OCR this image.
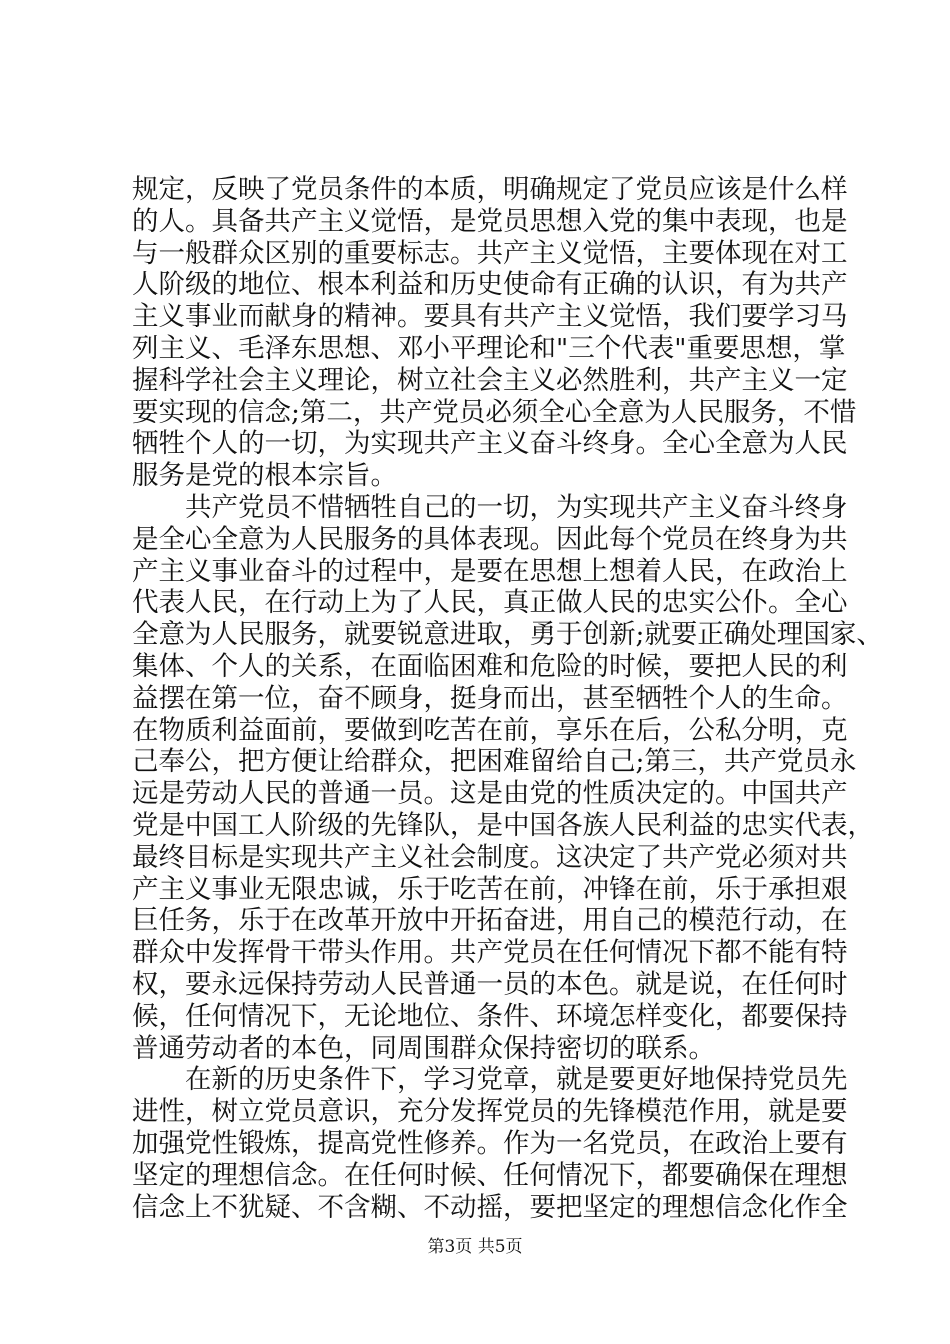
规定，反映了党员条件的本质，明确规定了党员应该是什么样
的人。具备共产主义觉悟，是党员思想入党的集中表现，也是
与一般群众区别的重要标志。共产主义觉悟，主要体现在对工
人阶级的地位、根本利益和历史使命有正确的认识，有为共产
主义事业而献身的精神。要具有共产主义觉悟，我们要学习马
列主义、毛泽东思想、邓小平理论和"三个代表"重要思想，掌
握科学社会主义理论，树立社会主义必然胜利，共产主义一定
要实现的信念;第二，共产党员必须全心全意为人民服务，不惜
牺牲个人的一切，为实现共产主义奋斗终身。全心全意为人民
服务是党的根本宗旨。
　　共产党员不惜牺牲自己的一切，为实现共产主义奋斗终身
是全心全意为人民服务的具体表现。因此每个党员在终身为共
产主义事业奋斗的过程中，是要在思想上想着人民，在政治上
代表人民，在行动上为了人民，真正做人民的忠实公仆。全心
全意为人民服务，就要锐意进取，勇于创新;就要正确处理国家、
集体、个人的关系，在面临困难和危险的时候，要把人民的利
益摆在第一位，奋不顾身，挺身而出，甚至牺牲个人的生命。
在物质利益面前，要做到吃苦在前，享乐在后，公私分明，克
己奉公，把方便让给群众，把困难留给自己;第三，共产党员永
远是劳动人民的普通一员。这是由党的性质决定的。中国共产
党是中国工人阶级的先锋队，是中国各族人民利益的忠实代表，
最终目标是实现共产主义社会制度。这决定了共产党必须对共
产主义事业无限忠诚，乐于吃苦在前，冲锋在前，乐于承担艰
巨任务，乐于在改革开放中开拓奋进，用自己的模范行动，在
群众中发挥骨干带头作用。共产党员在任何情况下都不能有特
权，要永远保持劳动人民普通一员的本色。就是说，在任何时
候，任何情况下，无论地位、条件、环境怎样变化，都要保持
普通劳动者的本色，同周围群众保持密切的联系。
　　在新的历史条件下，学习党章，就是要更好地保持党员先
进性，树立党员意识，充分发挥党员的先锋模范作用，就是要
加强党性锻炼，提高党性修养。作为一名党员，在政治上要有
坚定的理想信念。在任何时候、任何情况下，都要确保在理想
信念上不犹疑、不含糊、不动摇，要把坚定的理想信念化作全
第3页 共5页
